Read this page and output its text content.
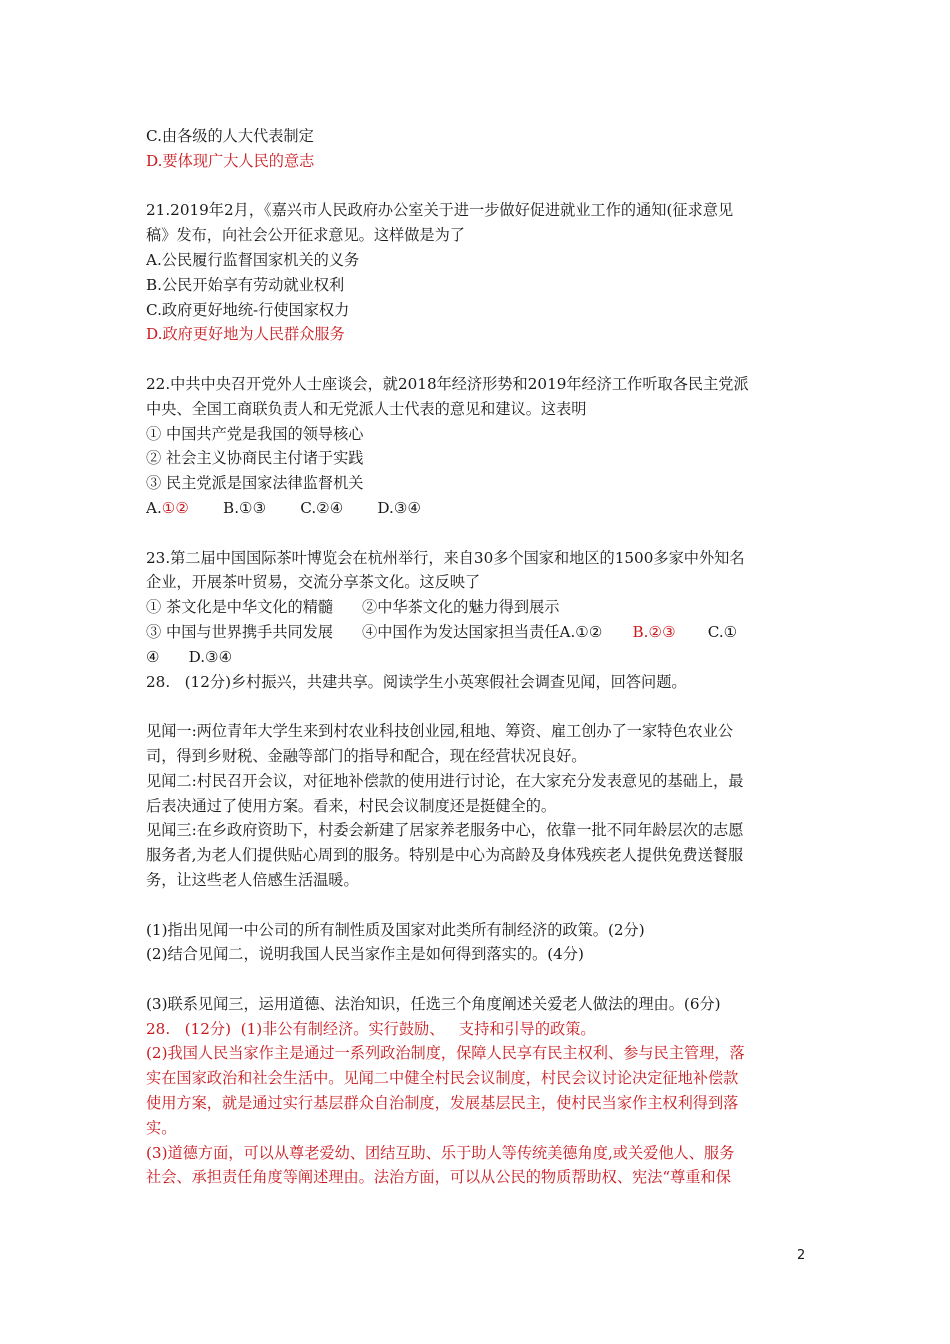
C.由各级的人大代表制定
D.要体现广大人民的意志
21.2019年2月，《嘉兴市人民政府办公室关于进一步做好促进就业工作的通知(征求意见
稿》发布，向社会公开征求意见。这样做是为了
A.公民履行监督国家机关的义务
B.公民开始享有劳动就业权利
C.政府更好地统-行使国家权力
D.政府更好地为人民群众服务
22.中共中央召开党外人士座谈会，就2018年经济形势和2019年经济工作听取各民主党派
中央、全国工商联负责人和无党派人士代表的意见和建议。这表明
① 中国共产党是我国的领导核心
② 社会主义协商民主付诸于实践
③ 民主党派是国家法律监督机关
A.①② B.①③ C.②④ D.③④
23.第二届中国国际茶叶博览会在杭州举行，来自30多个国家和地区的1500多家中外知名
企业，开展茶叶贸易，交流分享茶文化。这反映了
① 茶文化是中华文化的精髓      ②中华茶文化的魅力得到展示
③ 中国与世界携手共同发展      ④中国作为发达国家担当责任A.①② B.②③ C.①
④      D.③④
28.   (12分)乡村振兴，共建共享。阅读学生小英寒假社会调查见闻，回答问题。
见闻一:两位青年大学生来到村农业科技创业园,租地、筹资、雇工创办了一家特色农业公
司，得到乡财税、金融等部门的指导和配合，现在经营状况良好。
见闻二:村民召开会议，对征地补偿款的使用进行讨论，在大家充分发表意见的基础上，最
后表决通过了使用方案。看来，村民会议制度还是挺健全的。
见闻三:在乡政府资助下，村委会新建了居家养老服务中心，依靠一批不同年龄层次的志愿
服务者,为老人们提供贴心周到的服务。特别是中心为高龄及身体残疾老人提供免费送餐服
务，让这些老人倍感生活温暖。
(1)指出见闻一中公司的所有制性质及国家对此类所有制经济的政策。(2分)
(2)结合见闻二，说明我国人民当家作主是如何得到落实的。(4分)
(3)联系见闻三，运用道德、法治知识，任选三个角度阐述关爱老人做法的理由。(6分)
28.   (12分)  (1)非公有制经济。实行鼓励、   支持和引导的政策。
(2)我国人民当家作主是通过一系列政治制度，保障人民享有民主权利、参与民主管理，落
实在国家政治和社会生活中。见闻二中健全村民会议制度，村民会议讨论决定征地补偿款
使用方案，就是通过实行基层群众自治制度，发展基层民主，使村民当家作主权利得到落
实。
(3)道德方面，可以从尊老爱幼、团结互助、乐于助人等传统美德角度,或关爱他人、服务
社会、承担责任角度等阐述理由。法治方面，可以从公民的物质帮助权、宪法“尊重和保
2
